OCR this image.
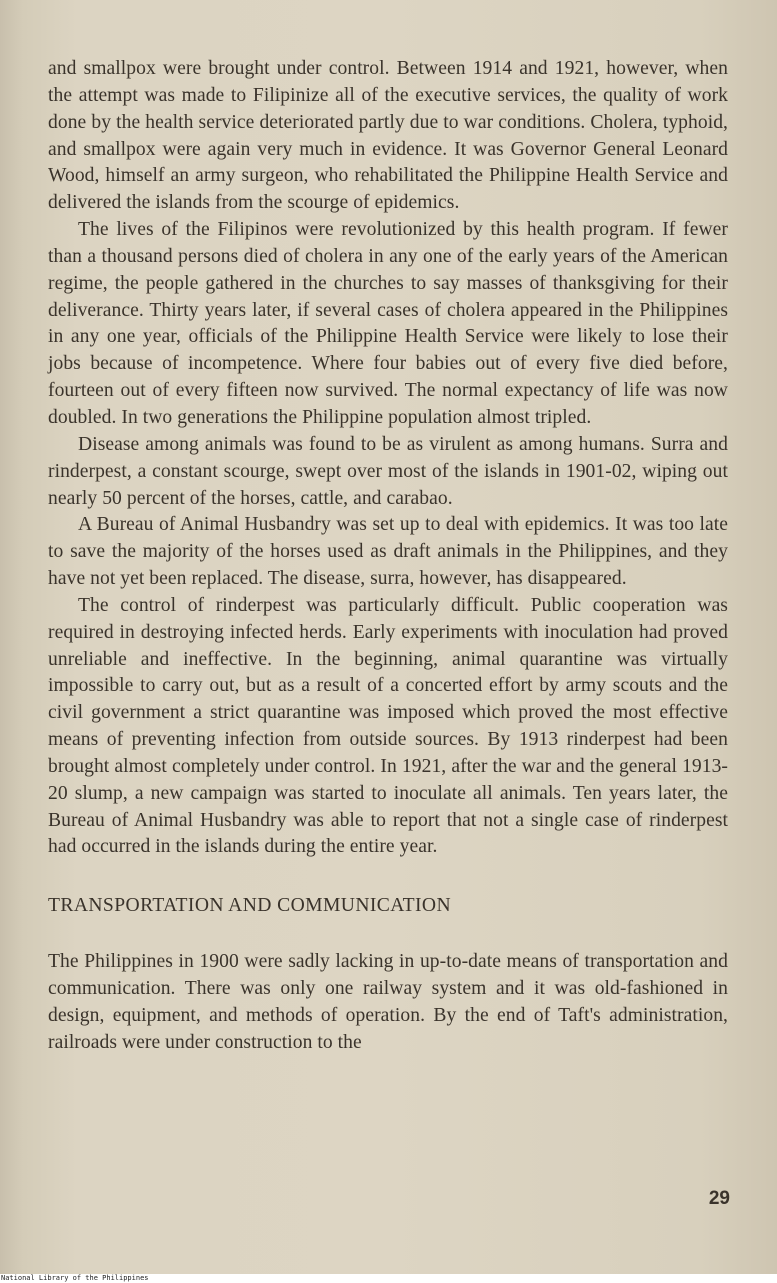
and smallpox were brought under control. Between 1914 and 1921, however, when the attempt was made to Filipinize all of the executive services, the quality of work done by the health service deteriorated partly due to war conditions. Cholera, typhoid, and smallpox were again very much in evidence. It was Governor General Leonard Wood, himself an army surgeon, who rehabilitated the Philippine Health Service and delivered the islands from the scourge of epidemics.

The lives of the Filipinos were revolutionized by this health program. If fewer than a thousand persons died of cholera in any one of the early years of the American regime, the people gathered in the churches to say masses of thanksgiving for their deliverance. Thirty years later, if several cases of cholera appeared in the Philippines in any one year, officials of the Philippine Health Service were likely to lose their jobs because of incompetence. Where four babies out of every five died before, fourteen out of every fifteen now survived. The normal expectancy of life was now doubled. In two generations the Philippine population almost tripled.

Disease among animals was found to be as virulent as among humans. Surra and rinderpest, a constant scourge, swept over most of the islands in 1901-02, wiping out nearly 50 percent of the horses, cattle, and carabao.

A Bureau of Animal Husbandry was set up to deal with epidemics. It was too late to save the majority of the horses used as draft animals in the Philippines, and they have not yet been replaced. The disease, surra, however, has disappeared.

The control of rinderpest was particularly difficult. Public cooperation was required in destroying infected herds. Early experiments with inoculation had proved unreliable and ineffective. In the beginning, animal quarantine was virtually impossible to carry out, but as a result of a concerted effort by army scouts and the civil government a strict quarantine was imposed which proved the most effective means of preventing infection from outside sources. By 1913 rinderpest had been brought almost completely under control. In 1921, after the war and the general 1913-20 slump, a new campaign was started to inoculate all animals. Ten years later, the Bureau of Animal Husbandry was able to report that not a single case of rinderpest had occurred in the islands during the entire year.

TRANSPORTATION AND COMMUNICATION

The Philippines in 1900 were sadly lacking in up-to-date means of transportation and communication. There was only one railway system and it was old-fashioned in design, equipment, and methods of operation. By the end of Taft's administration, railroads were under construction to the

29
National Library of the Philippines
